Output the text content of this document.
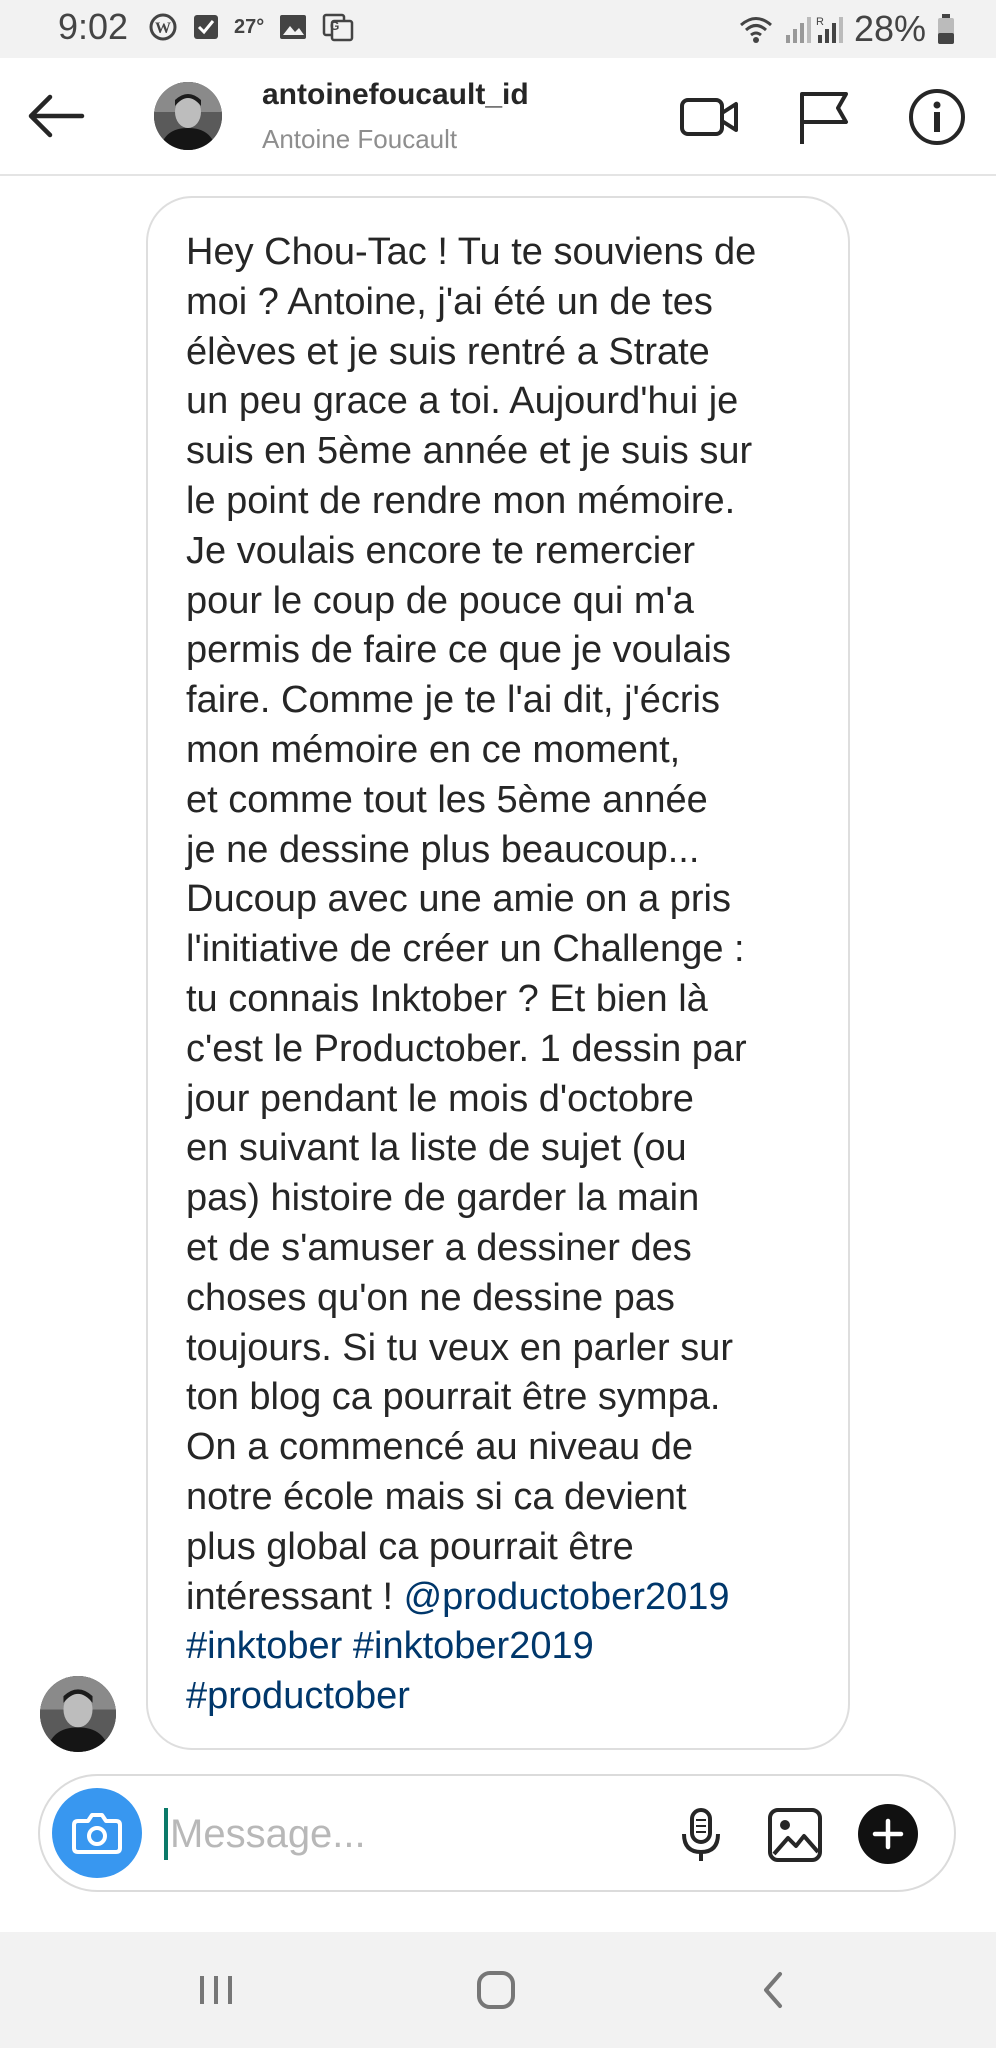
9:02 W	27°	G	R 28%
antoinefoucault_id
Antoine Foucault
Hey Chou-Tac ! Tu te souviens de
moi ? Antoine, j'ai été un de tes
élèves et je suis rentré a Strate
un peu grace a toi. Aujourd'hui je
suis en 5ème année et je suis sur
le point de rendre mon mémoire.
Je voulais encore te remercier
pour le coup de pouce qui m'a
permis de faire ce que je voulais
faire. Comme je te l'ai dit, j'écris
mon mémoire en ce moment,
et comme tout les 5ème année
je ne dessine plus beaucoup...
Ducoup avec une amie on a pris
l'initiative de créer un Challenge :
tu connais Inktober ? Et bien là
c'est le Productober. 1 dessin par
jour pendant le mois d'octobre
en suivant la liste de sujet (ou
pas) histoire de garder la main
et de s'amuser a dessiner des
choses qu'on ne dessine pas
toujours. Si tu veux en parler sur
ton blog ca pourrait être sympa.
On a commencé au niveau de
notre école mais si ca devient
plus global ca pourrait être
intéressant ! @productober2019
#inktober #inktober2019
#productober
Message...
